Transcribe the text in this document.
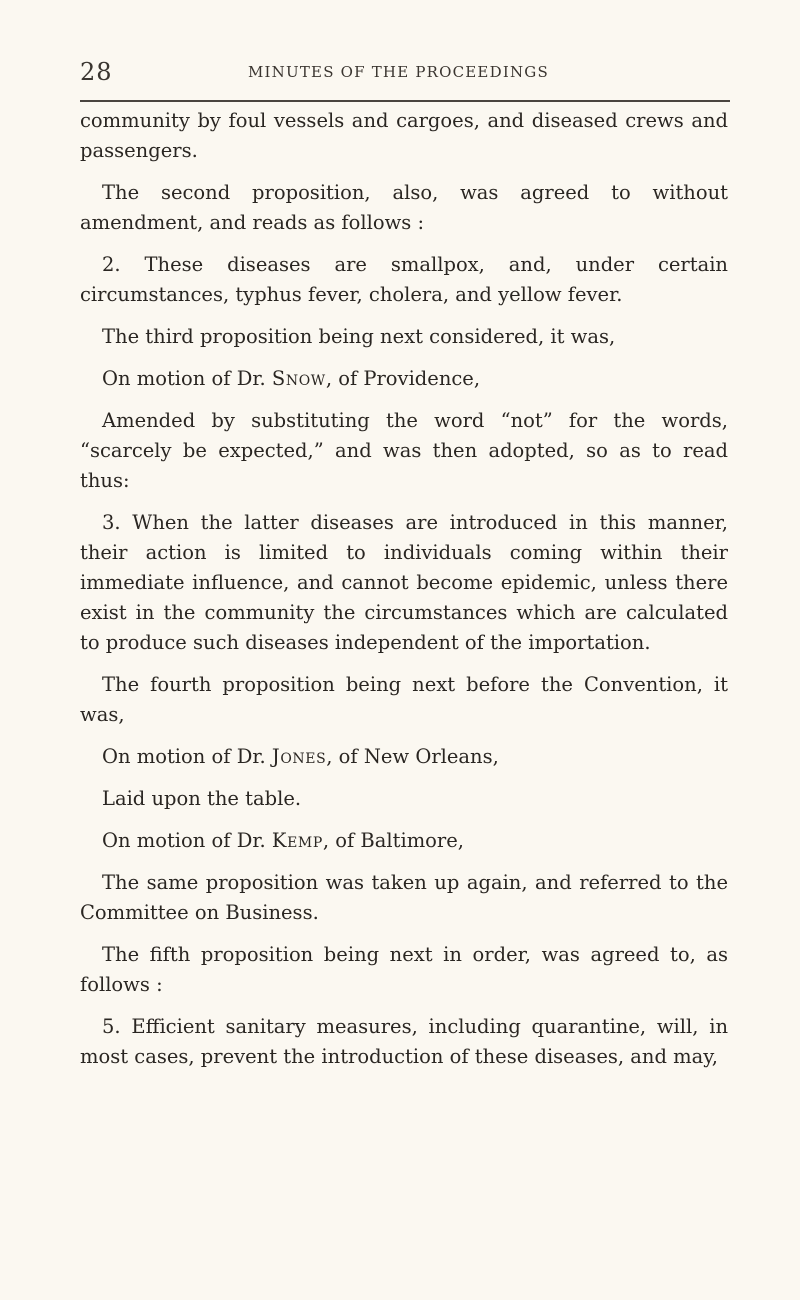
28	MINUTES OF THE PROCEEDINGS

community by foul vessels and cargoes, and diseased crews and passengers.

The second proposition, also, was agreed to without amendment, and reads as follows :

2. These diseases are smallpox, and, under certain circumstances, typhus fever, cholera, and yellow fever.

The third proposition being next considered, it was,

On motion of Dr. Snow, of Providence,

Amended by substituting the word “not” for the words, “scarcely be expected,” and was then adopted, so as to read thus:

3. When the latter diseases are introduced in this manner, their action is limited to individuals coming within their immediate influence, and cannot become epidemic, unless there exist in the community the circumstances which are calculated to produce such diseases independent of the importation.

The fourth proposition being next before the Convention, it was,

On motion of Dr. Jones, of New Orleans,

Laid upon the table.

On motion of Dr. Kemp, of Baltimore,

The same proposition was taken up again, and referred to the Committee on Business.

The fifth proposition being next in order, was agreed to, as follows :

5. Efficient sanitary measures, including quarantine, will, in most cases, prevent the introduction of these diseases, and may,
